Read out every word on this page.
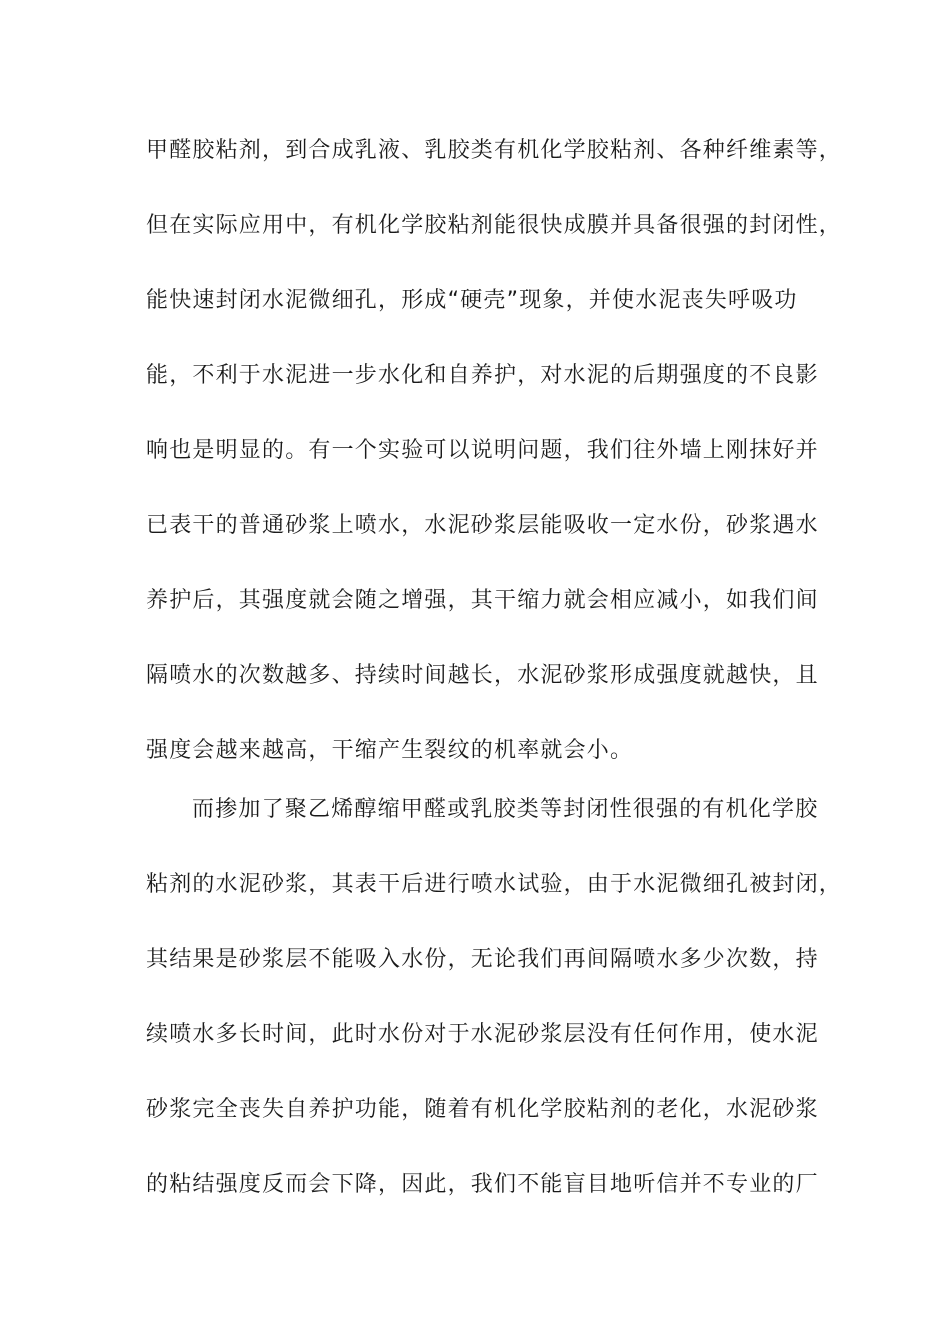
甲醛胶粘剂，到合成乳液、乳胶类有机化学胶粘剂、各种纤维素等，
但在实际应用中，有机化学胶粘剂能很快成膜并具备很强的封闭性，
能快速封闭水泥微细孔，形成“硬壳”现象，并使水泥丧失呼吸功
能，不利于水泥进一步水化和自养护，对水泥的后期强度的不良影
响也是明显的。有一个实验可以说明问题，我们往外墙上刚抹好并
已表干的普通砂浆上喷水，水泥砂浆层能吸收一定水份，砂浆遇水
养护后，其强度就会随之增强，其干缩力就会相应减小，如我们间
隔喷水的次数越多、持续时间越长，水泥砂浆形成强度就越快，且
强度会越来越高，干缩产生裂纹的机率就会小。
而掺加了聚乙烯醇缩甲醛或乳胶类等封闭性很强的有机化学胶
粘剂的水泥砂浆，其表干后进行喷水试验，由于水泥微细孔被封闭，
其结果是砂浆层不能吸入水份，无论我们再间隔喷水多少次数，持
续喷水多长时间，此时水份对于水泥砂浆层没有任何作用，使水泥
砂浆完全丧失自养护功能，随着有机化学胶粘剂的老化，水泥砂浆
的粘结强度反而会下降，因此，我们不能盲目地听信并不专业的厂
